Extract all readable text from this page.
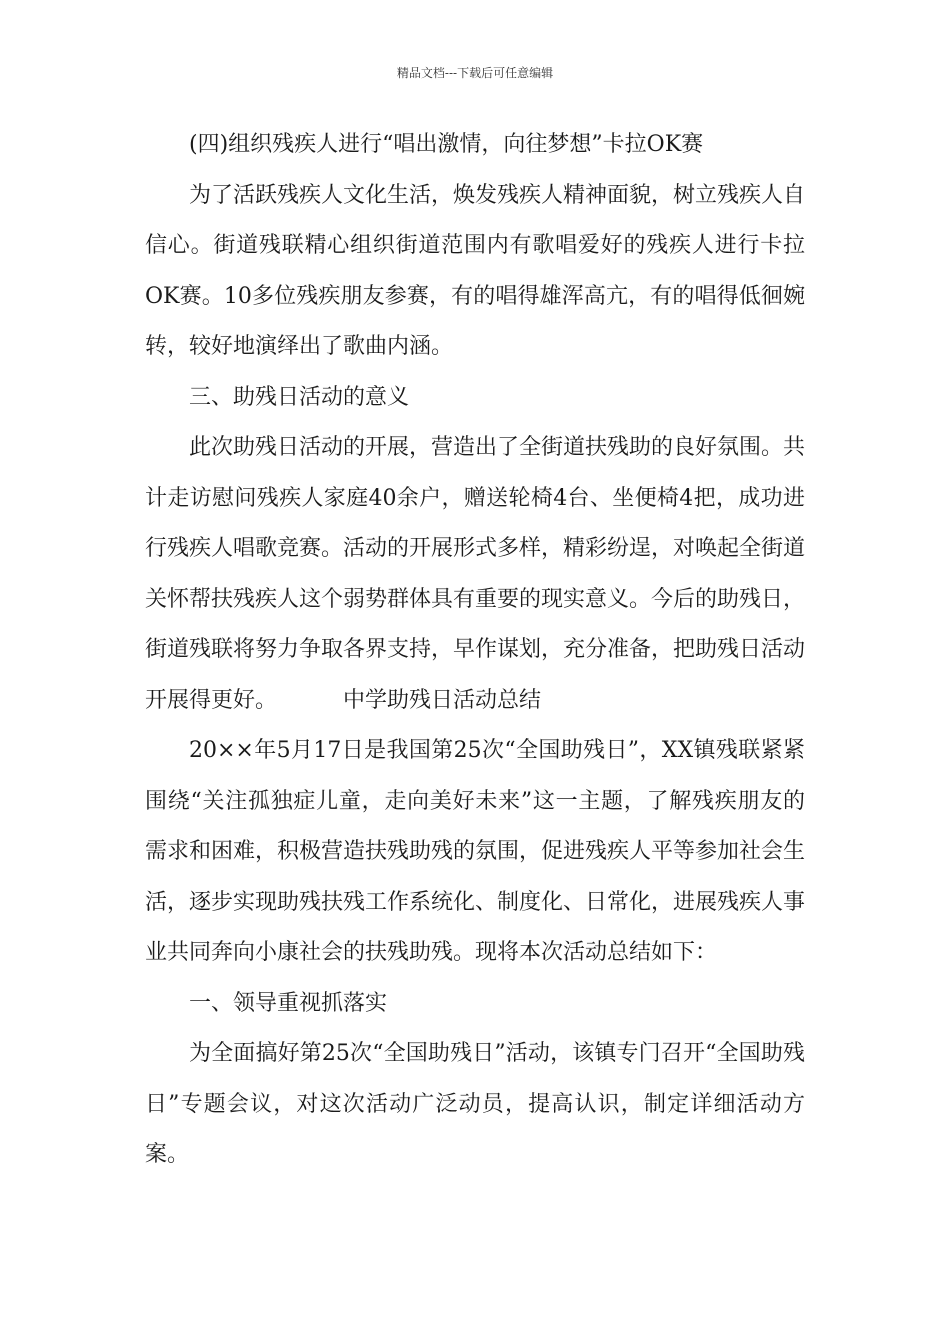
精品文档---下载后可任意编辑

(四)组织残疾人进行“唱出激情，向往梦想”卡拉OK赛

为了活跃残疾人文化生活，焕发残疾人精神面貌，树立残疾人自信心。街道残联精心组织街道范围内有歌唱爱好的残疾人进行卡拉OK赛。10多位残疾朋友参赛，有的唱得雄浑高亢，有的唱得低徊婉转，较好地演绎出了歌曲内涵。

三、助残日活动的意义

此次助残日活动的开展，营造出了全街道扶残助的良好氛围。共计走访慰问残疾人家庭40余户，赠送轮椅4台、坐便椅4把，成功进行残疾人唱歌竞赛。活动的开展形式多样，精彩纷逞，对唤起全街道关怀帮扶残疾人这个弱势群体具有重要的现实意义。今后的助残日，街道残联将努力争取各界支持，早作谋划，充分准备，把助残日活动开展得更好。	中学助残日活动总结

20××年5月17日是我国第25次“全国助残日”，XX镇残联紧紧围绕“关注孤独症儿童，走向美好未来”这一主题，了解残疾朋友的需求和困难，积极营造扶残助残的氛围，促进残疾人平等参加社会生活，逐步实现助残扶残工作系统化、制度化、日常化，进展残疾人事业共同奔向小康社会的扶残助残。现将本次活动总结如下：

一、领导重视抓落实

为全面搞好第25次“全国助残日”活动，该镇专门召开“全国助残日”专题会议，对这次活动广泛动员，提高认识，制定详细活动方案。
